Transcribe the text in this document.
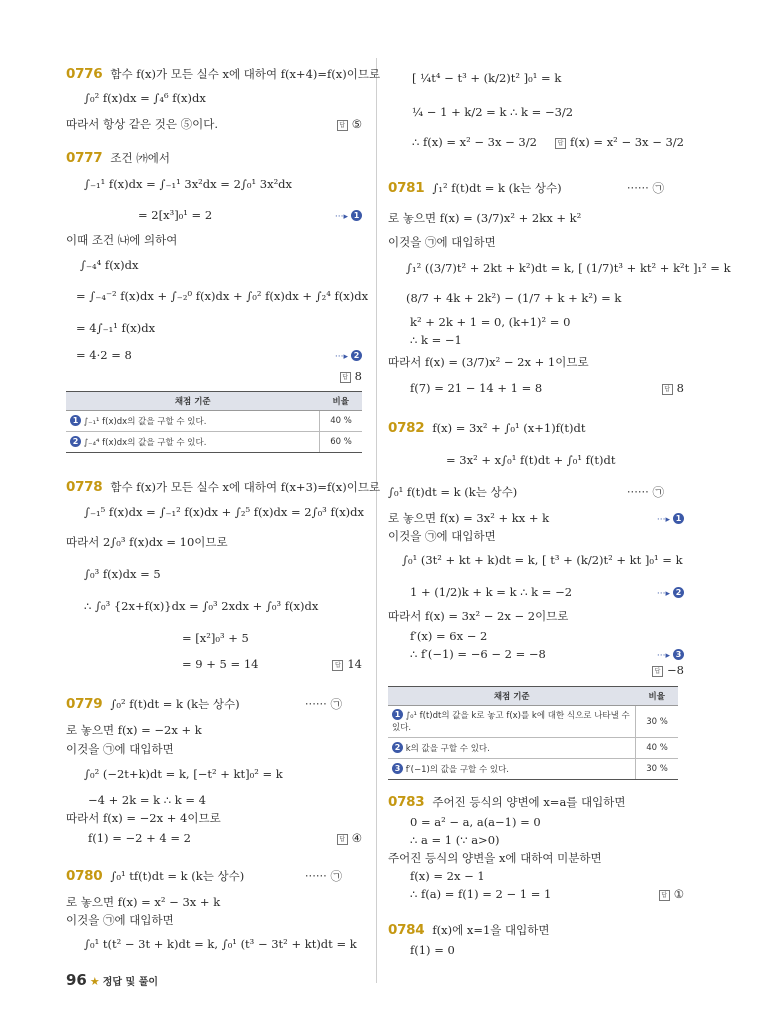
0776 함수 f(x)가 모든 실수 x에 대하여 f(x+4)=f(x)이므로
∫₀² f(x)dx = ∫₄⁶ f(x)dx
따라서 항상 같은 것은 ⑤이다.	답 ⑤
0777 조건 ㈎에서
∫₋₁¹ f(x)dx = ∫₋₁¹ 3x²dx = 2∫₀¹ 3x²dx
= 2[x³]₀¹ = 2	···▸ 1
이때 조건 ㈏에 의하여
∫₋₄⁴ f(x)dx
= ∫₋₄⁻² f(x)dx + ∫₋₂⁰ f(x)dx + ∫₀² f(x)dx + ∫₂⁴ f(x)dx
= 4∫₋₁¹ f(x)dx
= 4·2 = 8	···▸ 2
답 8
채점 기준	비율
1 ∫₋₁¹ f(x)dx의 값을 구할 수 있다.	40 %
2 ∫₋₄⁴ f(x)dx의 값을 구할 수 있다.	60 %
0778 함수 f(x)가 모든 실수 x에 대하여 f(x+3)=f(x)이므로
∫₋₁⁵ f(x)dx = ∫₋₁² f(x)dx + ∫₂⁵ f(x)dx = 2∫₀³ f(x)dx
따라서 2∫₀³ f(x)dx = 10이므로
∫₀³ f(x)dx = 5
∴ ∫₀³ {2x+f(x)}dx = ∫₀³ 2xdx + ∫₀³ f(x)dx
= [x²]₀³ + 5
= 9 + 5 = 14	답 14
0779 ∫₀² f(t)dt = k (k는 상수)	······ ㉠
로 놓으면 f(x) = −2x + k
이것을 ㉠에 대입하면
∫₀² (−2t+k)dt = k, [−t² + kt]₀² = k
−4 + 2k = k ∴ k = 4
따라서 f(x) = −2x + 4이므로
f(1) = −2 + 4 = 2	답 ④
0780 ∫₀¹ tf(t)dt = k (k는 상수)	······ ㉠
로 놓으면 f(x) = x² − 3x + k
이것을 ㉠에 대입하면
∫₀¹ t(t² − 3t + k)dt = k, ∫₀¹ (t³ − 3t² + kt)dt = k
[ ¼t⁴ − t³ + (k/2)t² ]₀¹ = k
¼ − 1 + k/2 = k ∴ k = −3/2
∴ f(x) = x² − 3x − 3/2	답 f(x) = x² − 3x − 3/2
0781 ∫₁² f(t)dt = k (k는 상수)	······ ㉠
로 놓으면 f(x) = (3/7)x² + 2kx + k²
이것을 ㉠에 대입하면
∫₁² ((3/7)t² + 2kt + k²)dt = k, [ (1/7)t³ + kt² + k²t ]₁² = k
(8/7 + 4k + 2k²) − (1/7 + k + k²) = k
k² + 2k + 1 = 0, (k+1)² = 0
∴ k = −1
따라서 f(x) = (3/7)x² − 2x + 1이므로
f(7) = 21 − 14 + 1 = 8	답 8
0782 f(x) = 3x² + ∫₀¹ (x+1)f(t)dt
= 3x² + x∫₀¹ f(t)dt + ∫₀¹ f(t)dt
∫₀¹ f(t)dt = k (k는 상수)	······ ㉠
로 놓으면 f(x) = 3x² + kx + k	···▸ 1
이것을 ㉠에 대입하면
∫₀¹ (3t² + kt + k)dt = k, [ t³ + (k/2)t² + kt ]₀¹ = k
1 + (1/2)k + k = k ∴ k = −2	···▸ 2
따라서 f(x) = 3x² − 2x − 2이므로
f′(x) = 6x − 2
∴ f′(−1) = −6 − 2 = −8	···▸ 3
답 −8
채점 기준	비율
1 ∫₀¹ f(t)dt의 값을 k로 놓고 f(x)를 k에 대한 식으로 나타낼 수 있다.	30 %
2 k의 값을 구할 수 있다.	40 %
3 f′(−1)의 값을 구할 수 있다.	30 %
0783 주어진 등식의 양변에 x=a를 대입하면
0 = a² − a, a(a−1) = 0
∴ a = 1 (∵ a>0)
주어진 등식의 양변을 x에 대하여 미분하면
f(x) = 2x − 1
∴ f(a) = f(1) = 2 − 1 = 1	답 ①
0784 f(x)에 x=1을 대입하면
f(1) = 0
96 ★ 정답 및 풀이
